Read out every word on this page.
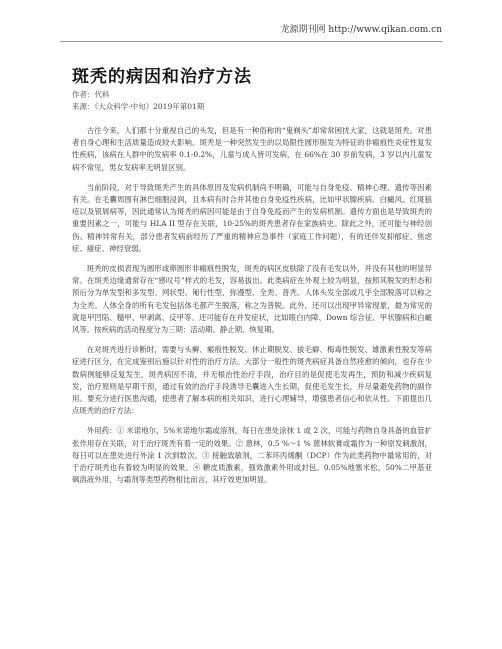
龙源期刊网 http://www.qikan.com.cn
斑秃的病因和治疗方法
作者：代科
来源：《大众科学·中旬》2019年第01期

古往今来，人们都十分重视自己的头发，但是有一种俗称的“鬼剃头”却常常困扰大家，这就是斑秃。对患者自身心理和生活质量造成较大影响。斑秃是一种突然发生的以局限性圆形脱发为特征的非瘢痕性炎症性复发性疾病，该病在人群中的发病率 0.1-0.2%，儿童与成人皆可发病，在 66%在 30 岁前发病，3 岁以内儿童发病不常见，男女发病率无明显区别。

当前阶段，对于导致斑秃产生的具体原因及发病机制尚不明确，可能与自身免疫、精神心理、遗传等因素有关。在毛囊周围有淋巴细胞浸润，且本病有时合并其他自身免疫性疾病，比如甲状腺疾病、白癜风、红斑狼疮以及银屑病等，因此通常认为斑秃的病因可能是由于自身免疫而产生的发病机制。遗传方面也是导致斑秃的重要因素之一，可能与 HLA II 型存在关联，10-25%的斑秃患者存在家族病史。除此之外，还可能与神经创伤、精神异常有关，部分患者发病前经历了严重的精神应急事件（家庭工作问题），有的还伴发抑郁症、焦虑症、癔症、神经衰弱。

斑秃的皮损表现为圆形或卵圆形非瘢痕性脱发，斑秃的病区皮肤除了没有毛发以外，并没有其他的明显异常。在斑秃边缘通常存在“感叹号”样式的毛发，容易拔出。此类病症在外观上较为明显，按照其脱发的形态和预后分为单发型和多发型、网状型、匍行性型、弥漫型、全秃、普秃。人体头发全部或几乎全部脱落可以称之为全秃。人体全身的所有毛发包括体毛都产生脱落，称之为普脱。此外，还可以出现甲异常现象，最为常见的就是甲凹陷、糙甲、甲剥离、反甲等。还可能存在并发症状，比如眼白内障、Down 综合征、甲状腺病和白癜风等。按疾病的活动程度分为三期：活动期、静止期、恢复期。

在对斑秃进行诊断时，需要与头癣、瘢痕性脱发、休止期脱发、拔毛癖、梅毒性脱发、雄激素性脱发等病症进行区分，在完成鉴别后施以针对性的治疗方法。大部分一般性的斑秃病症具备自然痊愈的倾向，也存在少数病例能够反复发生，斑秃病因不清，并无根治性治疗手段，治疗目的是促使毛发再生，预防和减少疾病复发，治疗原则是早期干预，通过有效的治疗手段诱导毛囊进入生长期，促使毛发生长，并尽量避免药物的副作用。要充分进行医患沟通，使患者了解本病的相关知识，进行心理辅导，增强患者信心和依从性。下面提出几点斑秃的治疗方法：

外用药：① 米诺地尔，5%米诺地尔霜或溶剂，每日在患处涂抹 1 或 2 次，可能与药物自身具备的血管扩张作用存在关联，对于治疗斑秃有着一定的效果。② 蒽林，0.5 %～1 % 蒽林软膏或霜作为一种原发刺激剂，每日可以在患处进行外涂 1 次到数次。③ 接触致敏剂，二苯环丙烯酮（DCP）作为此类药物中最常用的，对于治疗斑秃也有着较为明显的效果。④ 糖皮质激素，强效激素外用或封包。0.05%地塞米松，50%二甲基亚砜溶液外用，与霜剂等类型药物相比而言，其疗效更加明显。
